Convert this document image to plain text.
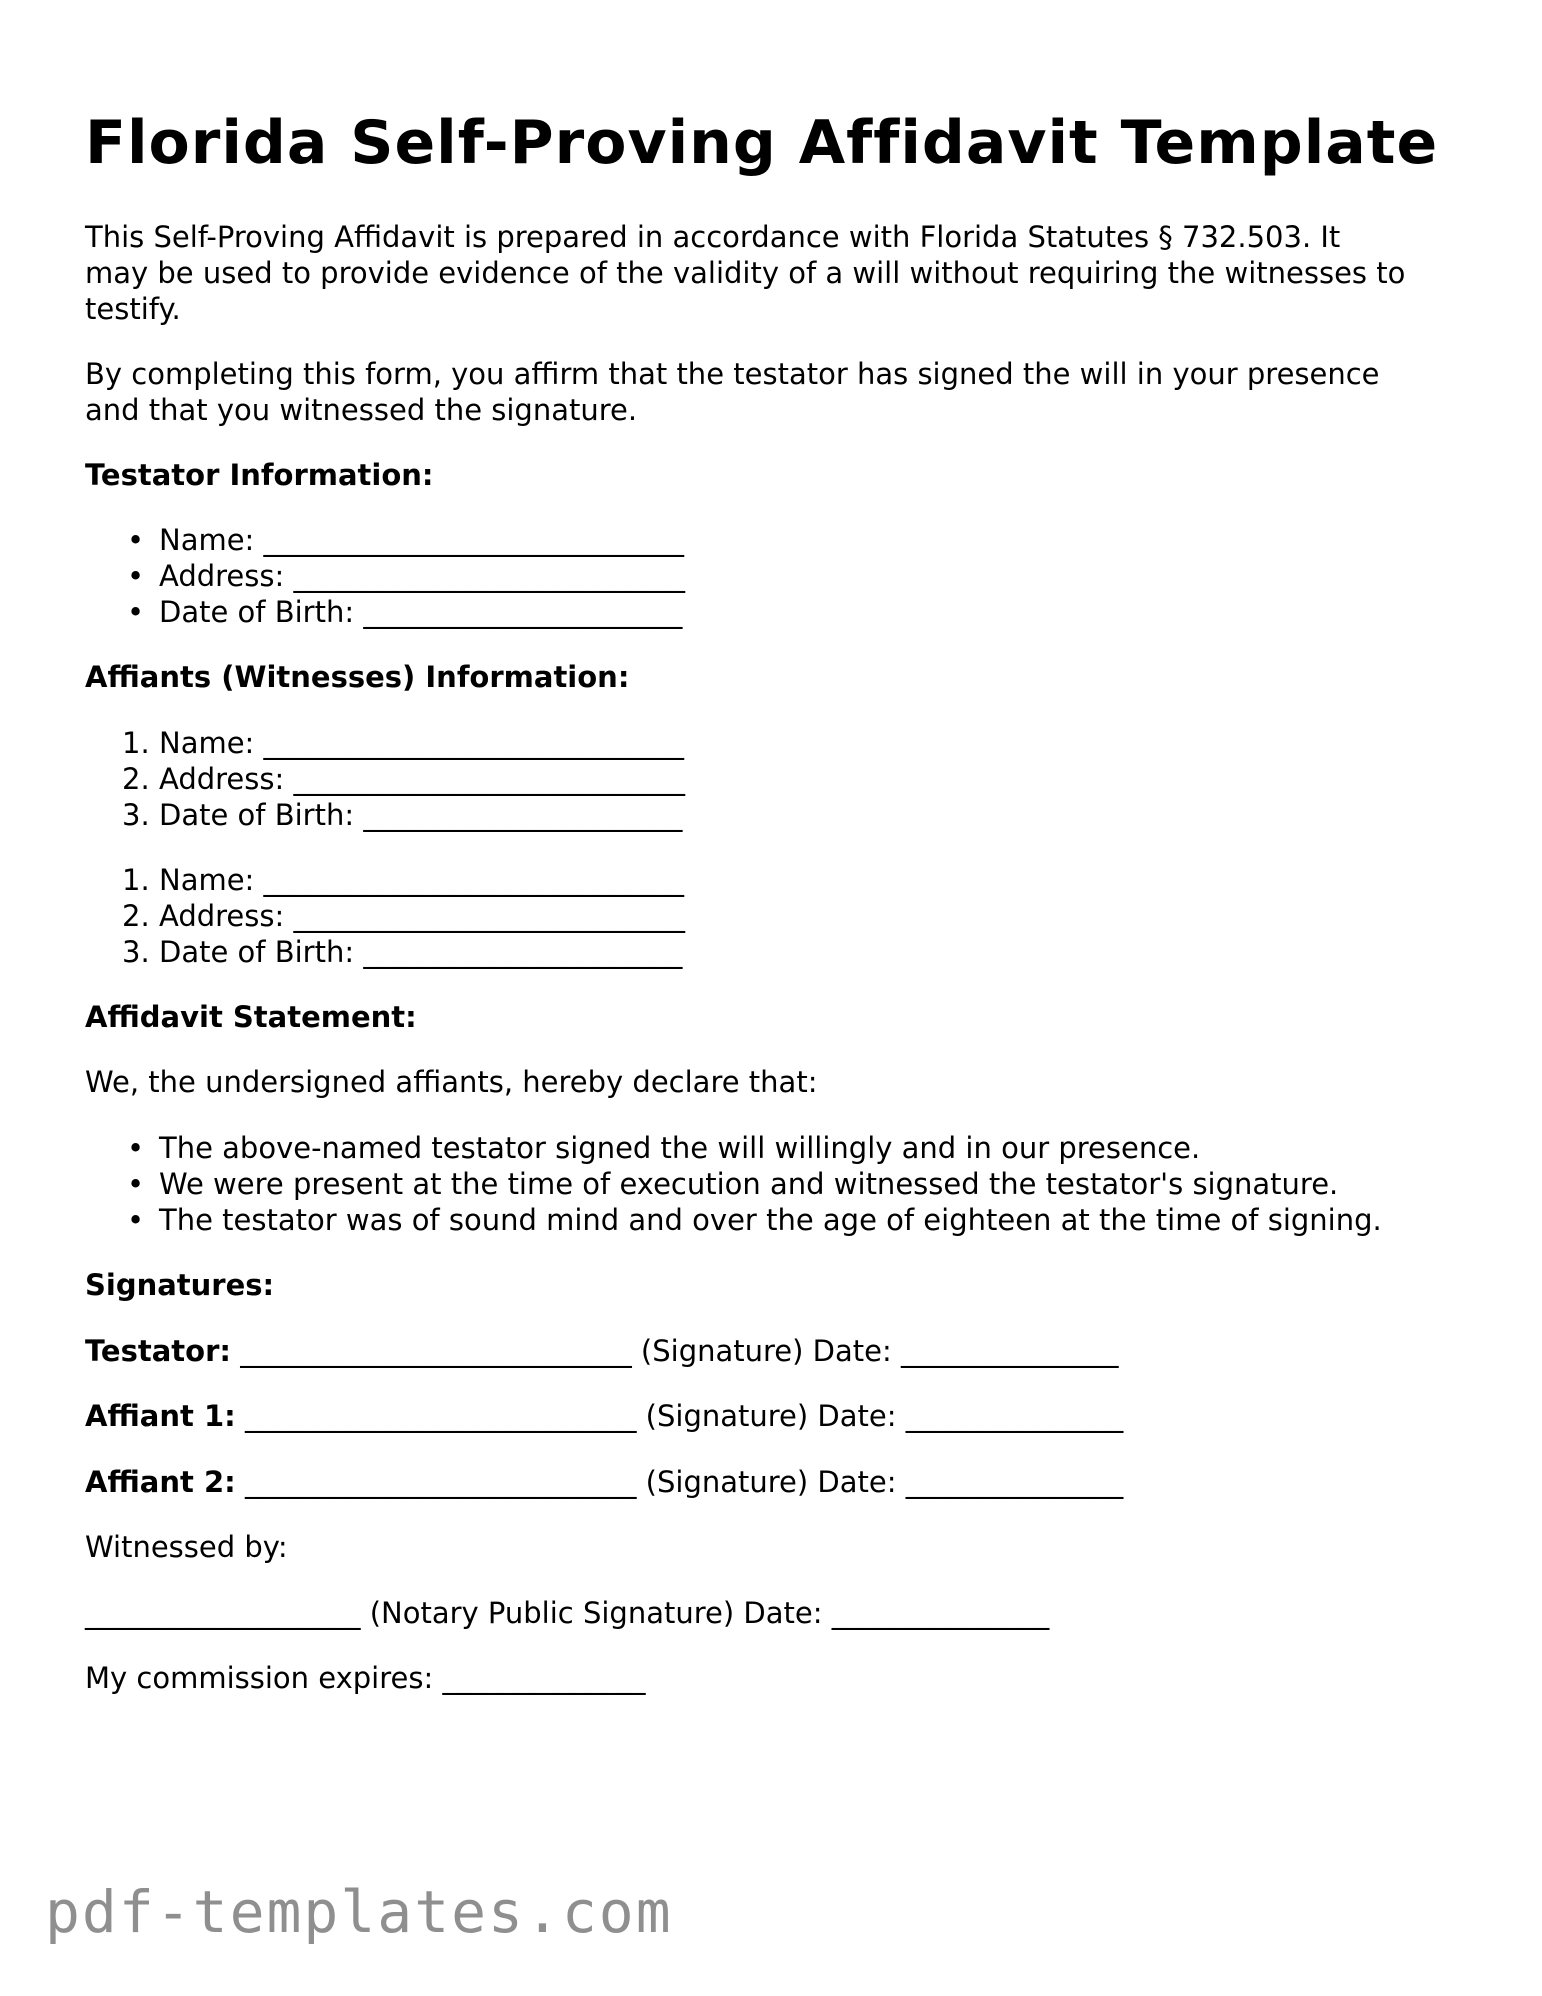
Florida Self-Proving Affidavit Template
This Self-Proving Affidavit is prepared in accordance with Florida Statutes § 732.503. It
may be used to provide evidence of the validity of a will without requiring the witnesses to
testify.
By completing this form, you affirm that the testator has signed the will in your presence
and that you witnessed the signature.
Testator Information:
• Name: _____________________________
• Address: ___________________________
• Date of Birth: ______________________
Affiants (Witnesses) Information:
1. Name: _____________________________
2. Address: ___________________________
3. Date of Birth: ______________________
1. Name: _____________________________
2. Address: ___________________________
3. Date of Birth: ______________________
Affidavit Statement:
We, the undersigned affiants, hereby declare that:
• The above-named testator signed the will willingly and in our presence.
• We were present at the time of execution and witnessed the testator's signature.
• The testator was of sound mind and over the age of eighteen at the time of signing.
Signatures:
Testator: ___________________________ (Signature) Date: _______________
Affiant 1: ___________________________ (Signature) Date: _______________
Affiant 2: ___________________________ (Signature) Date: _______________
Witnessed by:
___________________ (Notary Public Signature) Date: _______________
My commission expires: ______________
pdf-templates.com
